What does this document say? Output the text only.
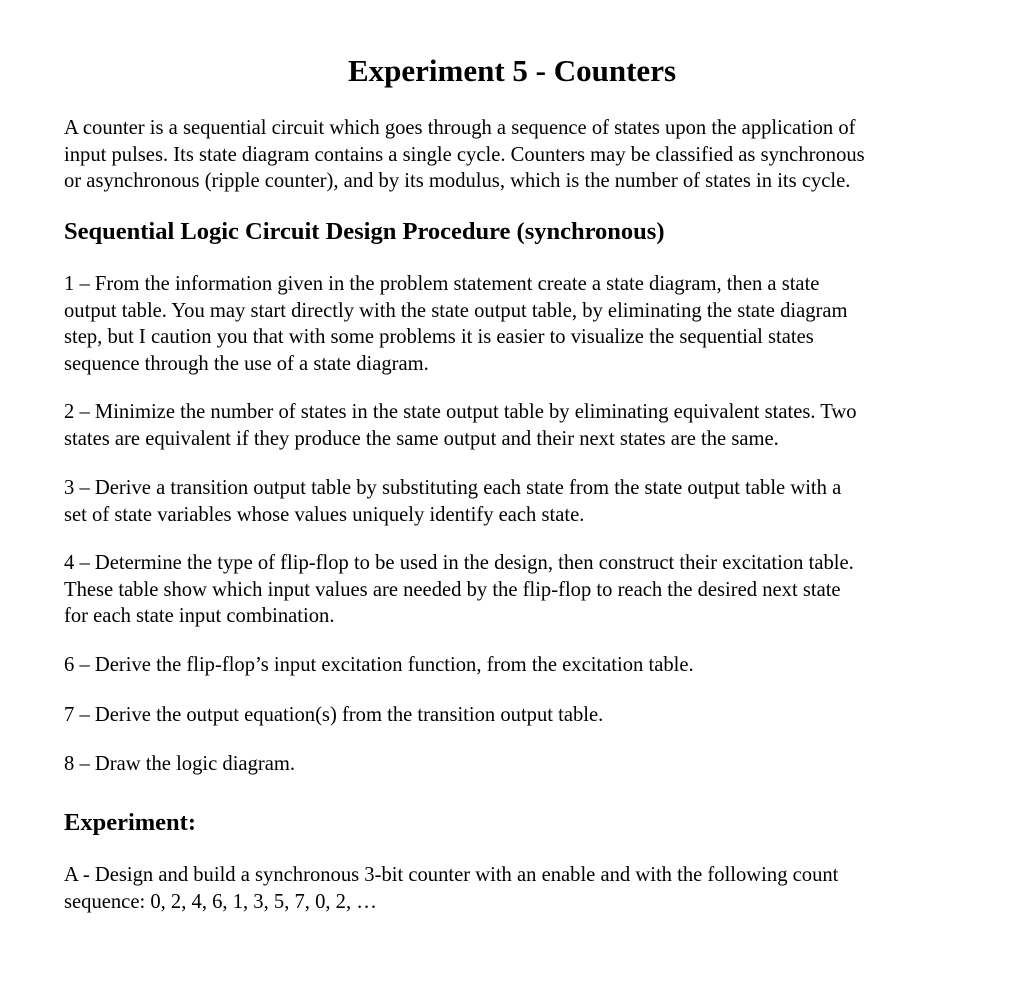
Experiment 5 - Counters

A counter is a sequential circuit which goes through a sequence of states upon the application of
input pulses. Its state diagram contains a single cycle. Counters may be classified as synchronous
or asynchronous (ripple counter), and by its modulus, which is the number of states in its cycle.

Sequential Logic Circuit Design Procedure (synchronous)

1 – From the information given in the problem statement create a state diagram, then a state
output table. You may start directly with the state output table, by eliminating the state diagram
step, but I caution you that with some problems it is easier to visualize the sequential states
sequence through the use of a state diagram.

2 – Minimize the number of states in the state output table by eliminating equivalent states. Two
states are equivalent if they produce the same output and their next states are the same.

3 – Derive a transition output table by substituting each state from the state output table with a
set of state variables whose values uniquely identify each state.

4 – Determine the type of flip-flop to be used in the design, then construct their excitation table.
These table show which input values are needed by the flip-flop to reach the desired next state
for each state input combination.

6 – Derive the flip-flop’s input excitation function, from the excitation table.

7 – Derive the output equation(s) from the transition output table.

8 – Draw the logic diagram.

Experiment:

A - Design and build a synchronous 3-bit counter with an enable and with the following count
sequence: 0, 2, 4, 6, 1, 3, 5, 7, 0, 2, …
